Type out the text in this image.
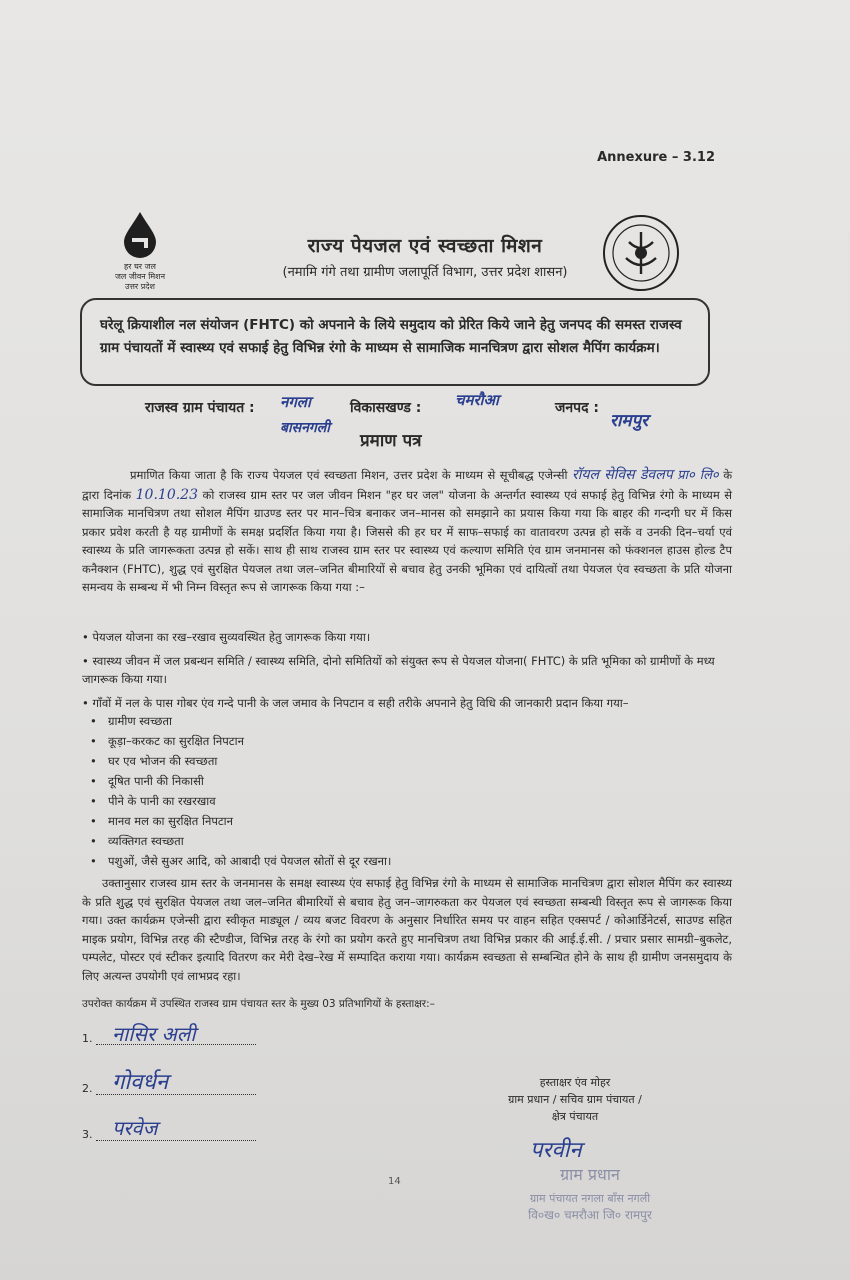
Annexure – 3.12
हर घर जल
जल जीवन मिशन
उत्तर प्रदेश
राज्य पेयजल एवं स्वच्छता मिशन
(नमामि गंगे तथा ग्रामीण जलापूर्ति विभाग, उत्तर प्रदेश शासन)
घरेलू क्रियाशील नल संयोजन (FHTC) को अपनाने के लिये समुदाय को प्रेरित किये जाने हेतु जनपद की समस्त राजस्व ग्राम पंचायतों में स्वास्थ्य एवं सफाई हेतु विभिन्न रंगो के माध्यम से सामाजिक मानचित्रण द्वारा सोशल मैपिंग कार्यक्रम।
राजस्व ग्राम पंचायत : नगला	विकासखण्ड : चमरौआ	जनपद :
रामपुर
बासनगली
प्रमाण पत्र
प्रमाणित किया जाता है कि राज्य पेयजल एवं स्वच्छता मिशन, उत्तर प्रदेश के माध्यम से सूचीबद्ध एजेन्सी रॉयल सेविस डेवलप प्रा० लि० के द्वारा दिनांक 10.10.23 को राजस्व ग्राम स्तर पर जल जीवन मिशन "हर घर जल" योजना के अन्तर्गत स्वास्थ्य एवं सफाई हेतु विभिन्न रंगो के माध्यम से सामाजिक मानचित्रण तथा सोशल मैपिंग ग्राउण्ड स्तर पर मान–चित्र बनाकर जन–मानस को समझाने का प्रयास किया गया कि बाहर की गन्दगी घर में किस प्रकार प्रवेश करती है यह ग्रामीणों के समक्ष प्रदर्शित किया गया है। जिससे की हर घर में साफ–सफाई का वातावरण उत्पन्न हो सकें व उनकी दिन–चर्या एवं स्वास्थ्य के प्रति जागरूकता उत्पन्न हो सकें। साथ ही साथ राजस्व ग्राम स्तर पर स्वास्थ्य एवं कल्याण समिति एंव ग्राम जनमानस को फंक्शनल हाउस होल्ड टैप कनैक्शन (FHTC), शुद्ध एवं सुरक्षित पेयजल तथा जल–जनित बीमारियों से बचाव हेतु उनकी भूमिका एवं दायित्वों तथा पेयजल एंव स्वच्छता के प्रति योजना समन्वय के सम्बन्ध में भी निम्न विस्तृत रूप से जागरूक किया गया :–
• पेयजल योजना का रख–रखाव सुव्यवस्थित हेतु जागरूक किया गया।
• स्वास्थ्य जीवन में जल प्रबन्धन समिति / स्वास्थ्य समिति, दोनो समितियों को संयुक्त रूप से पेयजल योजना( FHTC) के प्रति भूमिका को ग्रामीणों के मध्य जागरूक किया गया।
• गाँवों में नल के पास गोबर एंव गन्दे पानी के जल जमाव के निपटान व सही तरीके अपनाने हेतु विधि की जानकारी प्रदान किया गया–
• ग्रामीण स्वच्छता
• कूड़ा–करकट का सुरक्षित निपटान
• घर एव भोजन की स्वच्छता
• दूषित पानी की निकासी
• पीने के पानी का रखरखाव
• मानव मल का सुरक्षित निपटान
• व्यक्तिगत स्वच्छता
• पशुओं, जैसे सुअर आदि, को आबादी एवं पेयजल स्रोतों से दूर रखना।
उक्तानुसार राजस्व ग्राम स्तर के जनमानस के समक्ष स्वास्थ्य एंव सफाई हेतु विभिन्न रंगो के माध्यम से सामाजिक मानचित्रण द्वारा सोशल मैपिंग कर स्वास्थ्य के प्रति शुद्ध एवं सुरक्षित पेयजल तथा जल–जनित बीमारियों से बचाव हेतु जन–जागरुकता कर पेयजल एवं स्वच्छता सम्बन्धी विस्तृत रूप से जागरूक किया गया। उक्त कार्यक्रम एजेन्सी द्वारा स्वीकृत माड्यूल / व्यय बजट विवरण के अनुसार निर्धारित समय पर वाहन सहित एक्सपर्ट / कोआर्डिनेटर्स, साउण्ड सहित माइक प्रयोग, विभिन्न तरह की स्टैण्डीज, विभिन्न तरह के रंगो का प्रयोग करते हुए मानचित्रण तथा विभिन्न प्रकार की आई.ई.सी. / प्रचार प्रसार सामग्री–बुकलेट, पम्पलेट, पोस्टर एवं स्टीकर इत्यादि वितरण कर मेरी देख–रेख में सम्पादित कराया गया। कार्यक्रम स्वच्छता से सम्बन्धित होने के साथ ही ग्रामीण जनसमुदाय के लिए अत्यन्त उपयोगी एवं लाभप्रद रहा।
उपरोक्त कार्यक्रम में उपस्थित राजस्व ग्राम पंचायत स्तर के मुख्य 03 प्रतिभागियों के हस्ताक्षर:–
1. नासिर अली
2. गोवर्धन
3. परवेज
हस्ताक्षर एंव मोहर
ग्राम प्रधान / सचिव ग्राम पंचायत /
क्षेत्र पंचायत
परवीन
ग्राम प्रधान
ग्राम पंचायत नगला बाँस नगली
वि०ख० चमरौआ जि० रामपुर
14
